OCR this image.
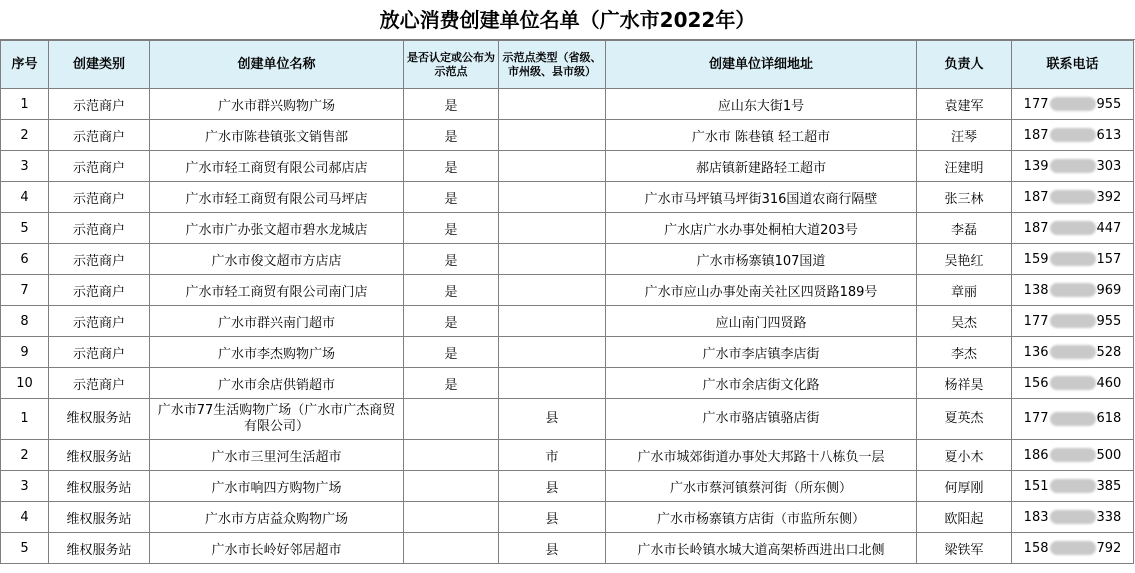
放心消费创建单位名单（广水市2022年）
序号	创建类别	创建单位名称	是否认定或公布为示范点	示范点类型（省级、市州级、县市级）	创建单位详细地址	负责人	联系电话
1	示范商户	广水市群兴购物广场	是		应山东大街1号	袁建军	177 955
2	示范商户	广水市陈巷镇张文销售部	是		广水市 陈巷镇 轻工超市	汪琴	187 613
3	示范商户	广水市轻工商贸有限公司郝店店	是		郝店镇新建路轻工超市	汪建明	139 303
4	示范商户	广水市轻工商贸有限公司马坪店	是		广水市马坪镇马坪街316国道农商行隔壁	张三林	187 392
5	示范商户	广水市广办张文超市碧水龙城店	是		广水店广水办事处桐柏大道203号	李磊	187 447
6	示范商户	广水市俊文超市方店店	是		广水市杨寨镇107国道	吴艳红	159 157
7	示范商户	广水市轻工商贸有限公司南门店	是		广水市应山办事处南关社区四贤路189号	章丽	138 969
8	示范商户	广水市群兴南门超市	是		应山南门四贤路	吴杰	177 955
9	示范商户	广水市李杰购物广场	是		广水市李店镇李店街	李杰	136 528
10	示范商户	广水市余店供销超市	是		广水市余店街文化路	杨祥昊	156 460
1	维权服务站	广水市77生活购物广场（广水市广杰商贸有限公司）		县	广水市骆店镇骆店街	夏英杰	177 618
2	维权服务站	广水市三里河生活超市		市	广水市城郊街道办事处大邦路十八栋负一层	夏小木	186 500
3	维权服务站	广水市响四方购物广场		县	广水市蔡河镇蔡河街（所东侧）	何厚刚	151 385
4	维权服务站	广水市方店益众购物广场		县	广水市杨寨镇方店街（市监所东侧）	欧阳起	183 338
5	维权服务站	广水市长岭好邻居超市		县	广水市长岭镇水城大道高架桥西进出口北侧	梁铁军	158 792
